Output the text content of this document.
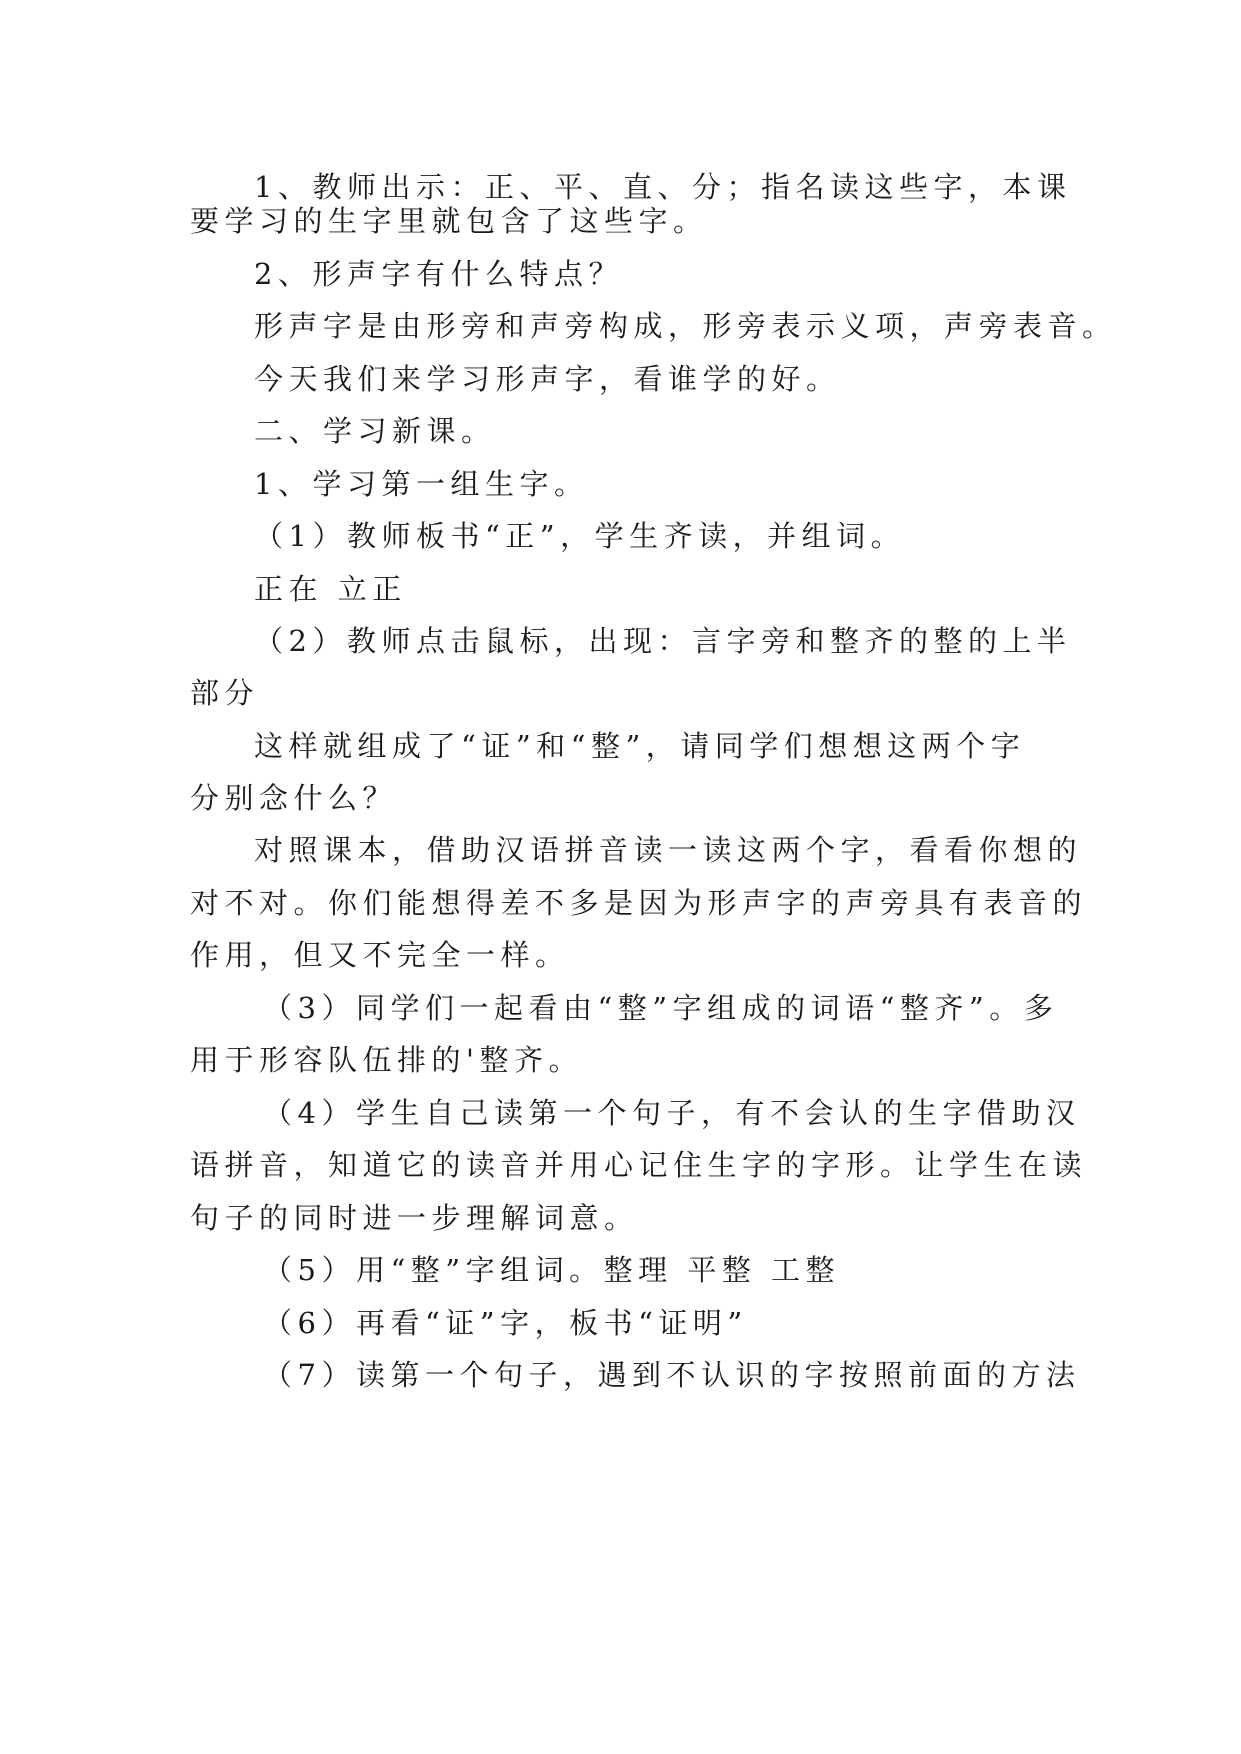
1、教师出示：正、平、直、分；指名读这些字，本课

要学习的生字里就包含了这些字。

2、形声字有什么特点？

形声字是由形旁和声旁构成，形旁表示义项，声旁表音。

今天我们来学习形声字，看谁学的好。

二、学习新课。

1、学习第一组生字。

（1）教师板书“正”，学生齐读，并组词。

正在 立正

（2）教师点击鼠标，出现：言字旁和整齐的整的上半

部分

这样就组成了“证”和“整”，请同学们想想这两个字

分别念什么？

对照课本，借助汉语拼音读一读这两个字，看看你想的

对不对。你们能想得差不多是因为形声字的声旁具有表音的

作用，但又不完全一样。

（3）同学们一起看由“整”字组成的词语“整齐”。多

用于形容队伍排的'整齐。

（4）学生自己读第一个句子，有不会认的生字借助汉

语拼音，知道它的读音并用心记住生字的字形。让学生在读

句子的同时进一步理解词意。

（5）用“整”字组词。整理 平整 工整

（6）再看“证”字，板书“证明”

（7）读第一个句子，遇到不认识的字按照前面的方法
